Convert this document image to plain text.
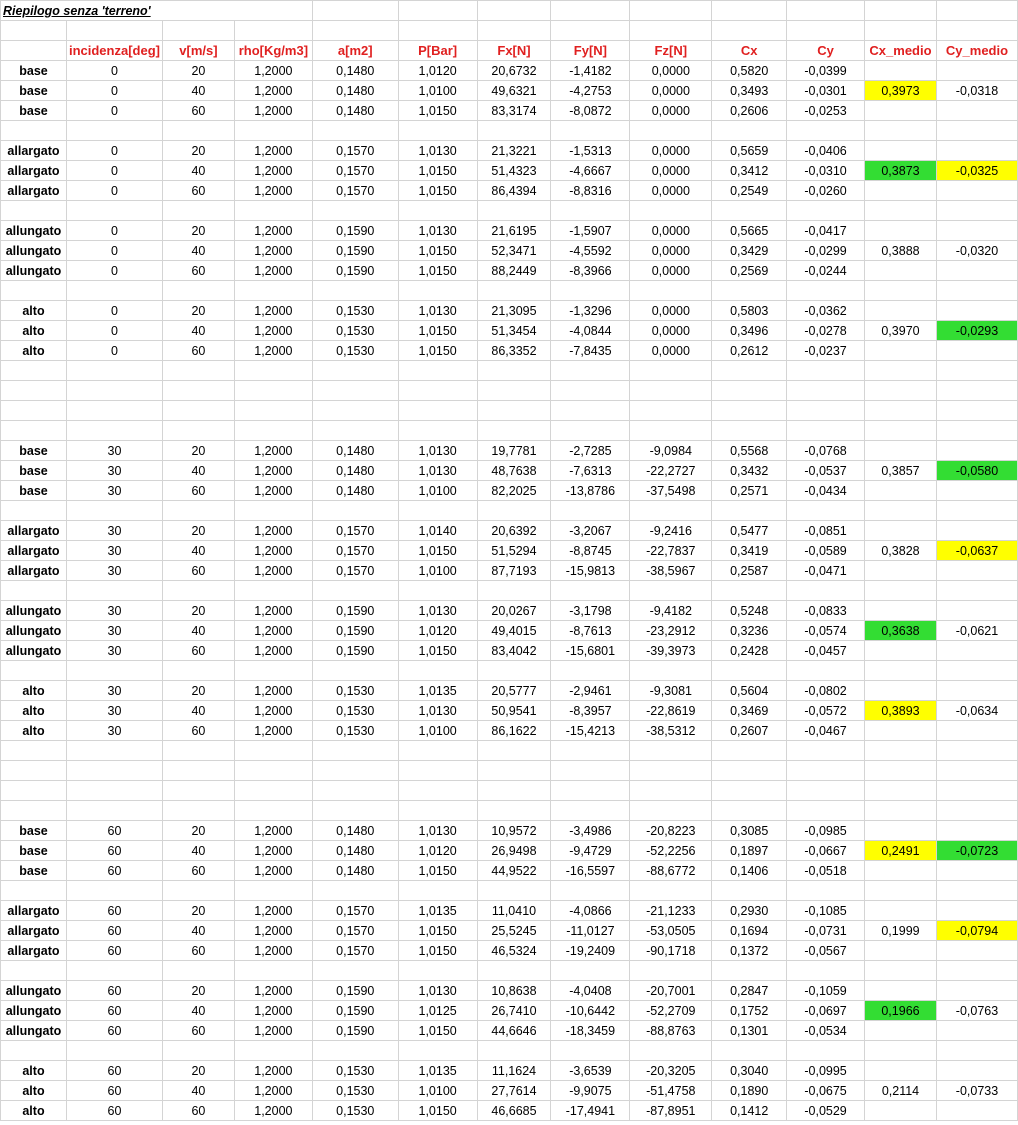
Riepilogo senza 'terreno'												

	incidenza[deg]	v[m/s]	rho[Kg/m3]	a[m2]	P[Bar]	Fx[N]	Fy[N]	Fz[N]	Cx	Cy	Cx_medio	Cy_medio
base	0	20	1,2000	0,1480	1,0120	20,6732	-1,4182	0,0000	0,5820	-0,0399		
base	0	40	1,2000	0,1480	1,0100	49,6321	-4,2753	0,0000	0,3493	-0,0301	0,3973	-0,0318
base	0	60	1,2000	0,1480	1,0150	83,3174	-8,0872	0,0000	0,2606	-0,0253		

allargato	0	20	1,2000	0,1570	1,0130	21,3221	-1,5313	0,0000	0,5659	-0,0406		
allargato	0	40	1,2000	0,1570	1,0150	51,4323	-4,6667	0,0000	0,3412	-0,0310	0,3873	-0,0325
allargato	0	60	1,2000	0,1570	1,0150	86,4394	-8,8316	0,0000	0,2549	-0,0260		

allungato	0	20	1,2000	0,1590	1,0130	21,6195	-1,5907	0,0000	0,5665	-0,0417		
allungato	0	40	1,2000	0,1590	1,0150	52,3471	-4,5592	0,0000	0,3429	-0,0299	0,3888	-0,0320
allungato	0	60	1,2000	0,1590	1,0150	88,2449	-8,3966	0,0000	0,2569	-0,0244		

alto	0	20	1,2000	0,1530	1,0130	21,3095	-1,3296	0,0000	0,5803	-0,0362		
alto	0	40	1,2000	0,1530	1,0150	51,3454	-4,0844	0,0000	0,3496	-0,0278	0,3970	-0,0293
alto	0	60	1,2000	0,1530	1,0150	86,3352	-7,8435	0,0000	0,2612	-0,0237		

base	30	20	1,2000	0,1480	1,0130	19,7781	-2,7285	-9,0984	0,5568	-0,0768		
base	30	40	1,2000	0,1480	1,0130	48,7638	-7,6313	-22,2727	0,3432	-0,0537	0,3857	-0,0580
base	30	60	1,2000	0,1480	1,0100	82,2025	-13,8786	-37,5498	0,2571	-0,0434		

allargato	30	20	1,2000	0,1570	1,0140	20,6392	-3,2067	-9,2416	0,5477	-0,0851		
allargato	30	40	1,2000	0,1570	1,0150	51,5294	-8,8745	-22,7837	0,3419	-0,0589	0,3828	-0,0637
allargato	30	60	1,2000	0,1570	1,0100	87,7193	-15,9813	-38,5967	0,2587	-0,0471		

allungato	30	20	1,2000	0,1590	1,0130	20,0267	-3,1798	-9,4182	0,5248	-0,0833		
allungato	30	40	1,2000	0,1590	1,0120	49,4015	-8,7613	-23,2912	0,3236	-0,0574	0,3638	-0,0621
allungato	30	60	1,2000	0,1590	1,0150	83,4042	-15,6801	-39,3973	0,2428	-0,0457		

alto	30	20	1,2000	0,1530	1,0135	20,5777	-2,9461	-9,3081	0,5604	-0,0802		
alto	30	40	1,2000	0,1530	1,0130	50,9541	-8,3957	-22,8619	0,3469	-0,0572	0,3893	-0,0634
alto	30	60	1,2000	0,1530	1,0100	86,1622	-15,4213	-38,5312	0,2607	-0,0467		

base	60	20	1,2000	0,1480	1,0130	10,9572	-3,4986	-20,8223	0,3085	-0,0985		
base	60	40	1,2000	0,1480	1,0120	26,9498	-9,4729	-52,2256	0,1897	-0,0667	0,2491	-0,0723
base	60	60	1,2000	0,1480	1,0150	44,9522	-16,5597	-88,6772	0,1406	-0,0518		

allargato	60	20	1,2000	0,1570	1,0135	11,0410	-4,0866	-21,1233	0,2930	-0,1085		
allargato	60	40	1,2000	0,1570	1,0150	25,5245	-11,0127	-53,0505	0,1694	-0,0731	0,1999	-0,0794
allargato	60	60	1,2000	0,1570	1,0150	46,5324	-19,2409	-90,1718	0,1372	-0,0567		

allungato	60	20	1,2000	0,1590	1,0130	10,8638	-4,0408	-20,7001	0,2847	-0,1059		
allungato	60	40	1,2000	0,1590	1,0125	26,7410	-10,6442	-52,2709	0,1752	-0,0697	0,1966	-0,0763
allungato	60	60	1,2000	0,1590	1,0150	44,6646	-18,3459	-88,8763	0,1301	-0,0534		

alto	60	20	1,2000	0,1530	1,0135	11,1624	-3,6539	-20,3205	0,3040	-0,0995		
alto	60	40	1,2000	0,1530	1,0100	27,7614	-9,9075	-51,4758	0,1890	-0,0675	0,2114	-0,0733
alto	60	60	1,2000	0,1530	1,0150	46,6685	-17,4941	-87,8951	0,1412	-0,0529		
